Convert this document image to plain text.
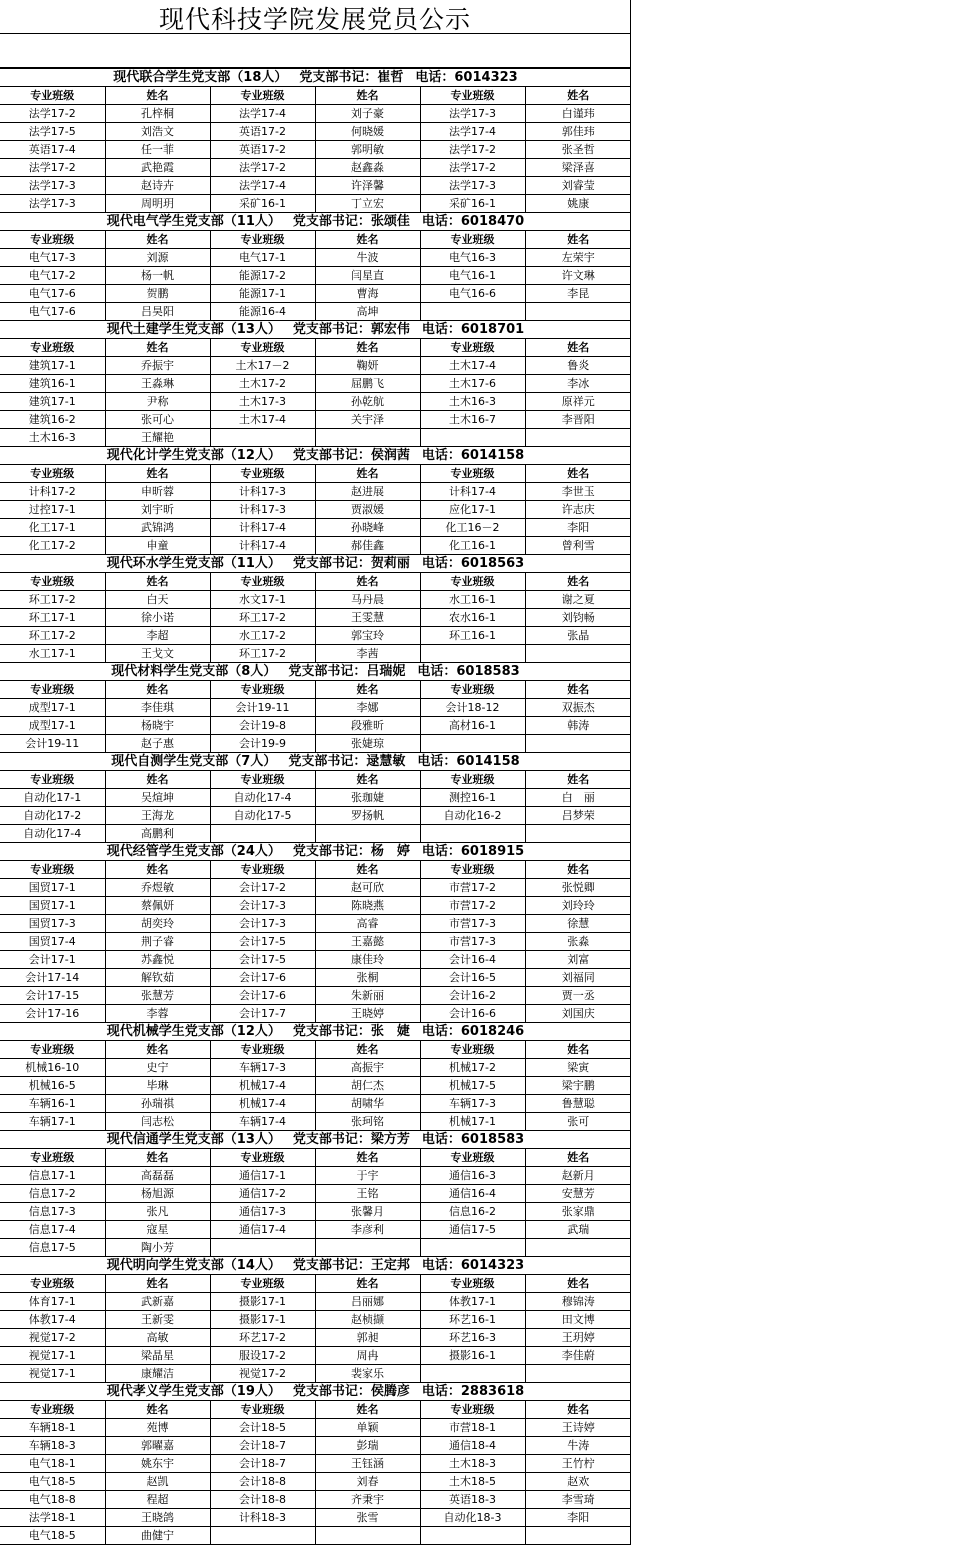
现代科技学院发展党员公示
现代联合学生党支部（18人） 党支部书记：崔哲 电话：6014323					
专业班级	姓名	专业班级	姓名	专业班级	姓名
法学17-2	孔梓桐	法学17-4	刘子豪	法学17-3	白谨玮
法学17-5	刘浩文	英语17-2	何晓媛	法学17-4	郭佳玮
英语17-4	任一菲	英语17-2	郭明敏	法学17-2	张圣哲
法学17-2	武艳霞	法学17-2	赵鑫淼	法学17-2	梁泽喜
法学17-3	赵诗卉	法学17-4	许泽馨	法学17-3	刘睿莹
法学17-3	周明玥	采矿16-1	丁立宏	采矿16-1	姚康
现代电气学生党支部（11人） 党支部书记：张颂佳 电话：6018470					
专业班级	姓名	专业班级	姓名	专业班级	姓名
电气17-3	刘源	电气17-1	牛波	电气16-3	左荣宇
电气17-2	杨一帆	能源17-2	闫星直	电气16-1	许文琳
电气17-6	贺鹏	能源17-1	曹海	电气16-6	李昆
电气17-6	吕昊阳	能源16-4	高坤		
现代土建学生党支部（13人） 党支部书记：郭宏伟 电话：6018701					
专业班级	姓名	专业班级	姓名	专业班级	姓名
建筑17-1	乔振宇	土木17－2	鞠妍	土木17-4	鲁炎
建筑16-1	王淼琳	土木17-2	屈鹏飞	土木17-6	李冰
建筑17-1	尹称	土木17-3	孙乾航	土木16-3	原祥元
建筑16-2	张可心	土木17-4	关宇泽	土木16-7	李晋阳
土木16-3	王耀艳				
现代化计学生党支部（12人） 党支部书记：侯润茜 电话：6014158					
专业班级	姓名	专业班级	姓名	专业班级	姓名
计科17-2	申昕蓉	计科17-3	赵进展	计科17-4	李世玉
过控17-1	刘宇昕	计科17-3	贾淑媛	应化17-1	许志庆
化工17-1	武锦鸿	计科17-4	孙晓峰	化工16－2	李阳
化工17-2	申童	计科17-4	郝佳鑫	化工16-1	曾利雪
现代环水学生党支部（11人） 党支部书记：贺莉丽 电话：6018563					
专业班级	姓名	专业班级	姓名	专业班级	姓名
环工17-2	白天	水文17-1	马丹晨	水工16-1	谢之夏
环工17-1	徐小诺	环工17-2	王雯慧	农水16-1	刘钧畅
环工17-2	李超	水工17-2	郭宝玲	环工16-1	张晶
水工17-1	王戈文	环工17-2	李茜		
现代材料学生党支部（8人） 党支部书记：吕瑞妮 电话：6018583					
专业班级	姓名	专业班级	姓名	专业班级	姓名
成型17-1	李佳琪	会计19-11	李娜	会计18-12	双振杰
成型17-1	杨晓宇	会计19-8	段雅昕	高材16-1	韩涛
会计19-11	赵子惠	会计19-9	张婕琼		
现代自测学生党支部（7人） 党支部书记：逯慧敏 电话：6014158					
专业班级	姓名	专业班级	姓名	专业班级	姓名
自动化17-1	吴煊坤	自动化17-4	张珈婕	测控16-1	白　丽
自动化17-2	王海龙	自动化17-5	罗扬帆	自动化16-2	吕梦荣
自动化17-4	高鹏利				
现代经管学生党支部（24人） 党支部书记：杨　婷 电话：6018915					
专业班级	姓名	专业班级	姓名	专业班级	姓名
国贸17-1	乔煜敏	会计17-2	赵可欣	市营17-2	张悦卿
国贸17-1	蔡佩妍	会计17-3	陈晓燕	市营17-2	刘玲玲
国贸17-3	胡奕玲	会计17-3	高睿	市营17-3	徐慧
国贸17-4	荆子睿	会计17-5	王嘉懿	市营17-3	张淼
会计17-1	苏鑫悦	会计17-5	康佳玲	会计16-4	刘富
会计17-14	解钦茹	会计17-6	张桐	会计16-5	刘福同
会计17-15	张慧芳	会计17-6	朱新丽	会计16-2	贾一丞
会计17-16	李蓉	会计17-7	王晓婷	会计16-6	刘国庆
现代机械学生党支部（12人） 党支部书记：张　婕 电话：6018246					
专业班级	姓名	专业班级	姓名	专业班级	姓名
机械16-10	史宁	车辆17-3	高振宇	机械17-2	梁寅
机械16-5	毕琳	机械17-4	胡仁杰	机械17-5	梁宇鹏
车辆16-1	孙瑞祺	机械17-4	胡啸华	车辆17-3	鲁慧聪
车辆17-1	闫志松	车辆17-4	张珂铭	机械17-1	张可
现代信通学生党支部（13人） 党支部书记：梁方芳 电话：6018583					
专业班级	姓名	专业班级	姓名	专业班级	姓名
信息17-1	高磊磊	通信17-1	于宇	通信16-3	赵新月
信息17-2	杨旭源	通信17-2	王铭	通信16-4	安慧芳
信息17-3	张凡	通信17-3	张馨月	信息16-2	张家鼎
信息17-4	寇星	通信17-4	李彦利	通信17-5	武瑞
信息17-5	陶小芳				
现代明向学生党支部（14人） 党支部书记：王定邦 电话：6014323					
专业班级	姓名	专业班级	姓名	专业班级	姓名
体育17-1	武新嘉	摄影17-1	吕丽娜	体教17-1	穆锦涛
体教17-4	王新雯	摄影17-1	赵桢撷	环艺16-1	田文博
视觉17-2	高敏	环艺17-2	郭昶	环艺16-3	王玥婷
视觉17-1	梁晶星	服设17-2	周冉	摄影16-1	李佳蔚
视觉17-1	康耀洁	视觉17-2	裴家乐		
现代孝义学生党支部（19人） 党支部书记：侯腾彦 电话：2883618					
专业班级	姓名	专业班级	姓名	专业班级	姓名
车辆18-1	苑博	会计18-5	单颖	市营18-1	王诗婷
车辆18-3	郭曜嘉	会计18-7	彭瑞	通信18-4	牛涛
电气18-1	姚东宇	会计18-7	王钰涵	土木18-3	王竹柠
电气18-5	赵凯	会计18-8	刘春	土木18-5	赵欢
电气18-8	程超	会计18-8	齐秉宇	英语18-3	李雪琦
法学18-1	王晓鸽	计科18-3	张雪	自动化18-3	李阳
电气18-5	曲健宁				
